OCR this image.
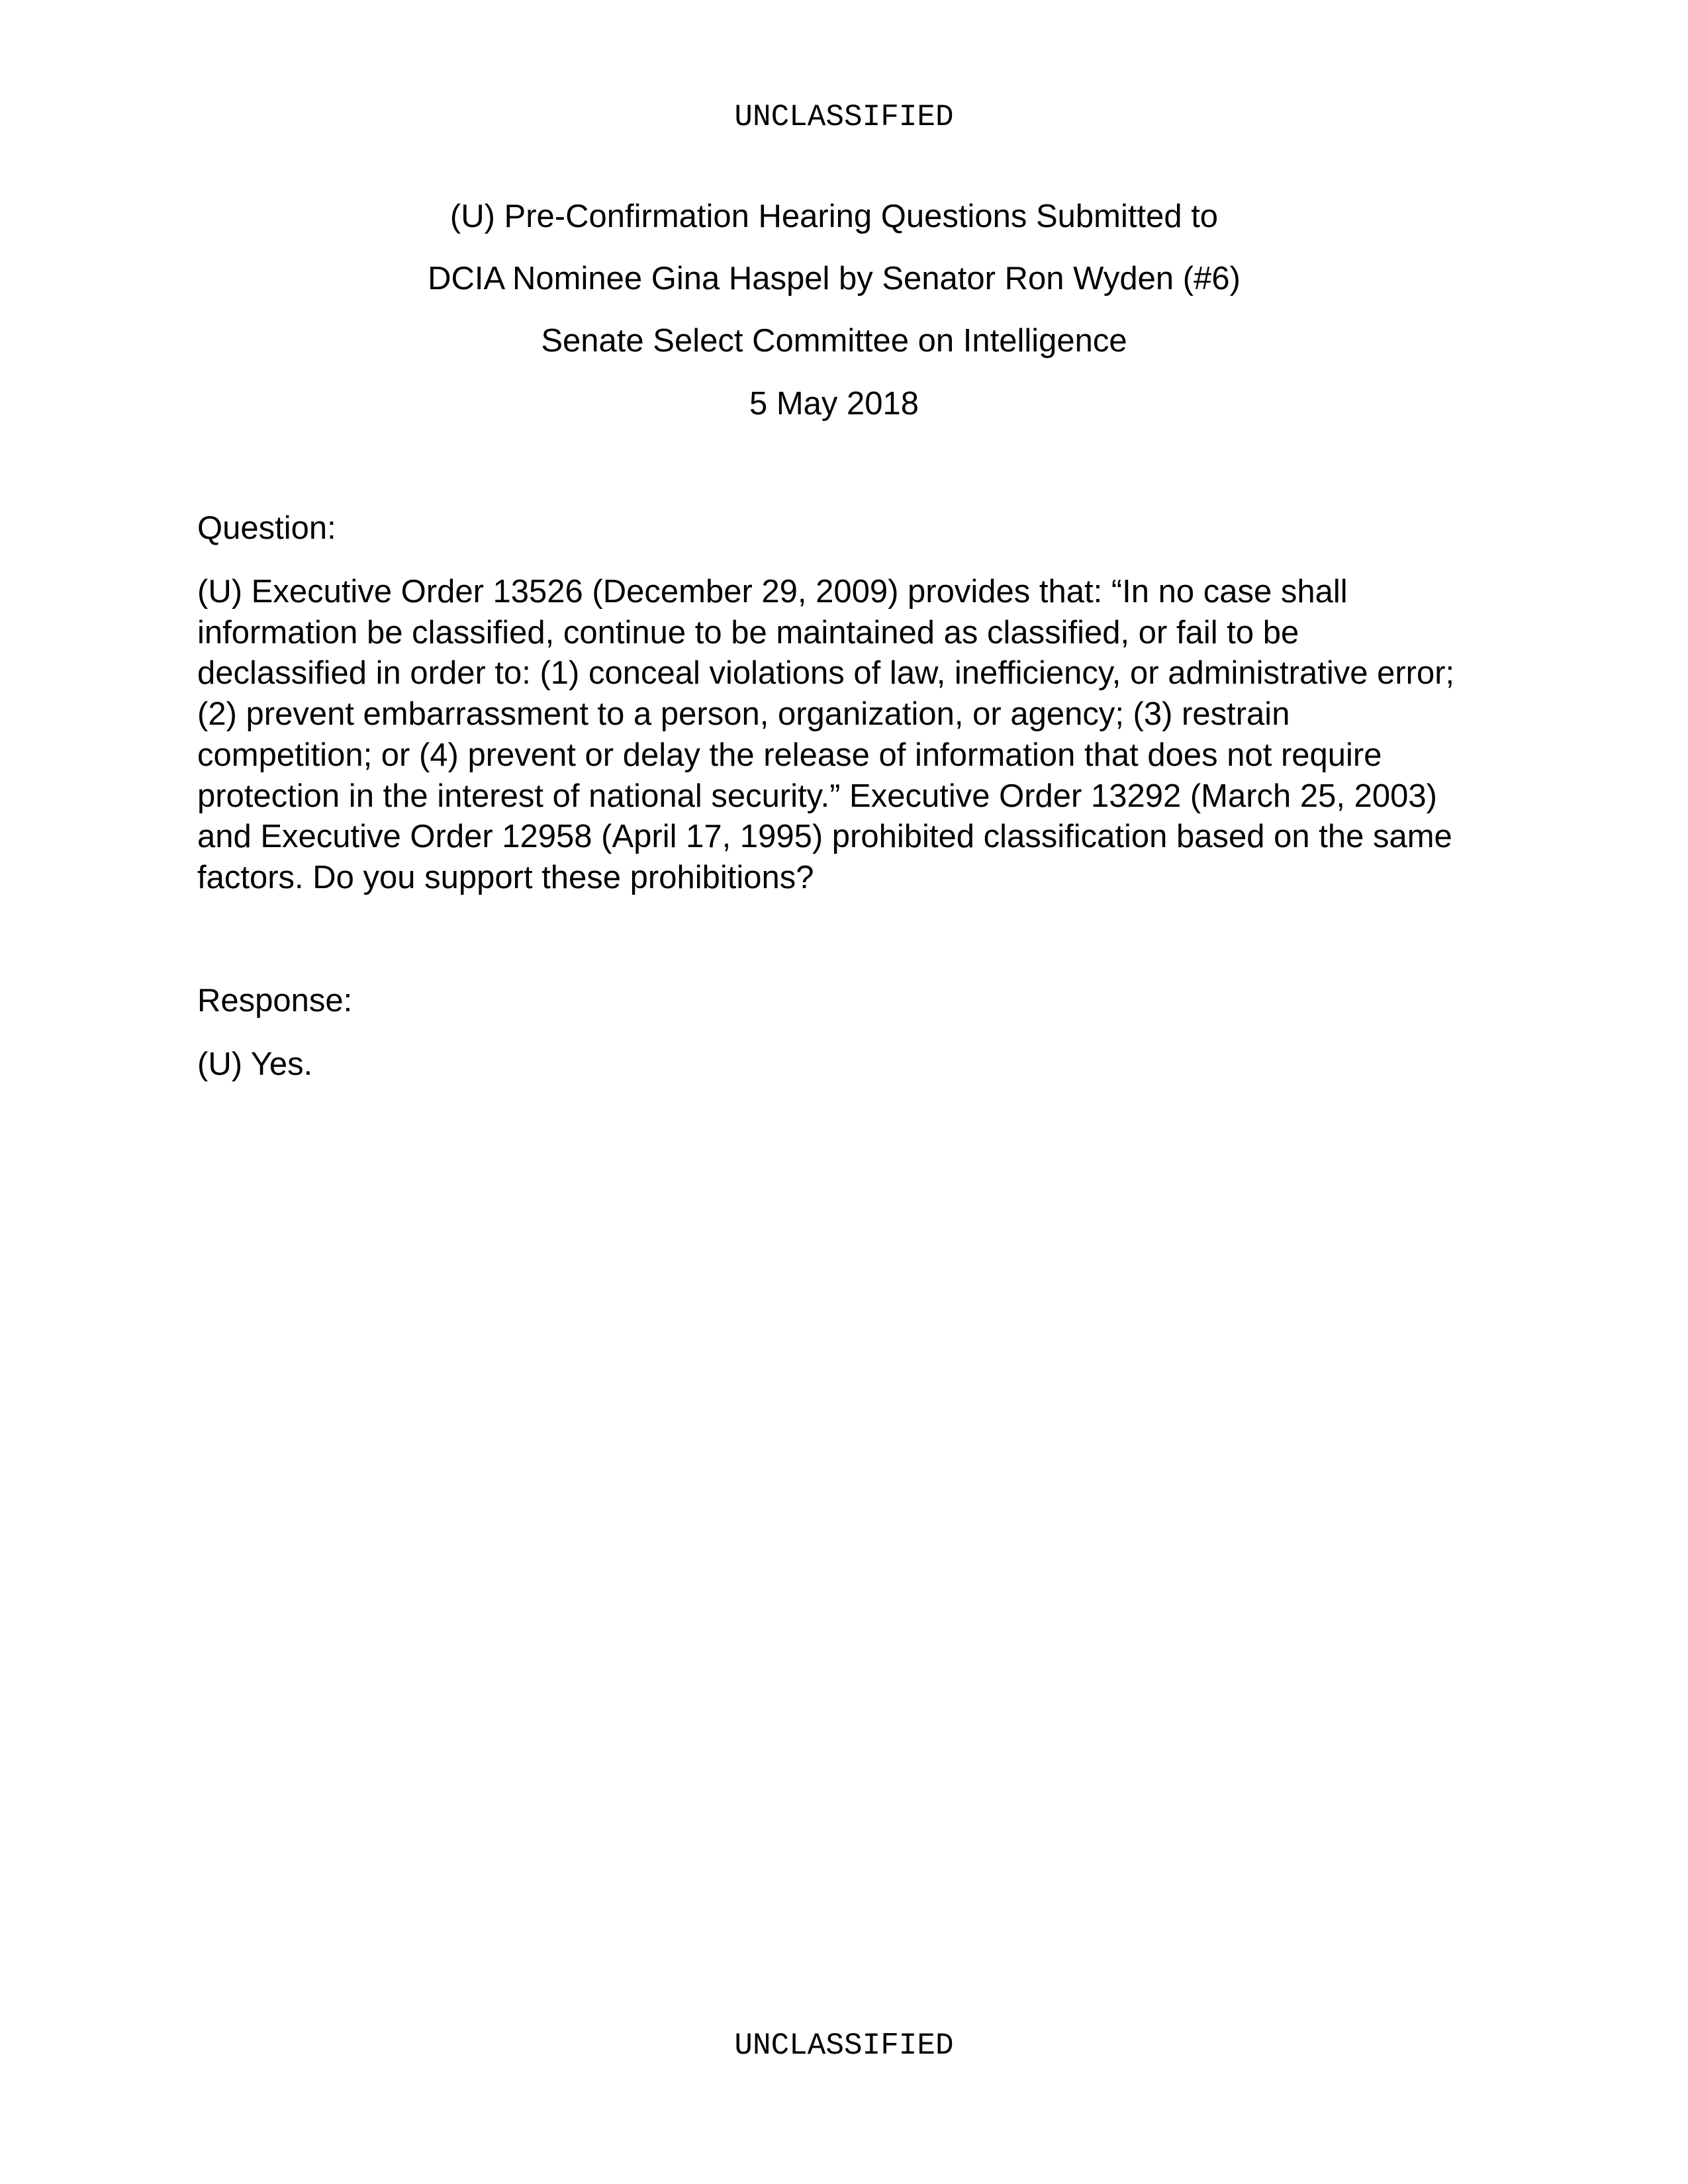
UNCLASSIFIED
(U) Pre-Confirmation Hearing Questions Submitted to
DCIA Nominee Gina Haspel by Senator Ron Wyden (#6)
Senate Select Committee on Intelligence
5 May 2018
Question:
(U) Executive Order 13526 (December 29, 2009) provides that: “In no case shall
information be classified, continue to be maintained as classified, or fail to be
declassified in order to: (1) conceal violations of law, inefficiency, or administrative error;
(2) prevent embarrassment to a person, organization, or agency; (3) restrain
competition; or (4) prevent or delay the release of information that does not require
protection in the interest of national security.” Executive Order 13292 (March 25, 2003)
and Executive Order 12958 (April 17, 1995) prohibited classification based on the same
factors. Do you support these prohibitions?
Response:
(U) Yes.
UNCLASSIFIED
